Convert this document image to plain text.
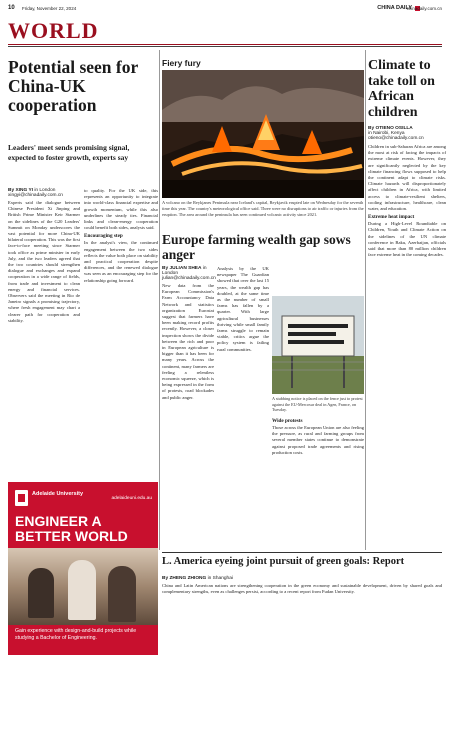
10 Friday, November 22, 2024	CHINA DAILY
chinadaily.com.cn
WORLD
Potential seen for China-UK cooperation
Leaders' meet sends promising signal, expected to foster growth, experts say
By XING YI in London
xingyi@chinadaily.com.cn
Experts said the dialogue between Chinese President Xi Jinping and British Prime Minister Keir Starmer on the sidelines of the G20 Leaders' Summit on Monday underscores the vast potential for more China-UK bilateral cooperation. This was the first face-to-face meeting since Starmer took office as prime minister in early July, and the two leaders agreed that the two countries should strengthen dialogue and exchanges and expand cooperation in a wide range of fields, from trade and investment to clean energy and financial services. Observers said the meeting in Rio de Janeiro signals a promising trajectory, where fresh engagement may chart a clearer path for cooperation and stability.
to quality. For the UK side, this represents an opportunity to integrate into world-class financial expertise and growth momentum, while this also underlines the steady ties. Financial links and clean-energy cooperation could benefit both sides, analysts said.
Encouraging step
In the analyst's view, the continued engagement between the two sides reflects the value both place on stability and practical cooperation despite differences, and the renewed dialogue was seen as an encouraging step for the relationship going forward.
Adelaide University
adelaideuni.edu.au
ENGINEER A BETTER WORLD
Gain experience with design-and-build projects while studying a Bachelor of Engineering.
Fiery fury
A volcano on the Reykjanes Peninsula near Iceland's capital, Reykjavik erupted late on Wednesday for the seventh time this year. The country's meteorological office said. Three were no disruptions to air traffic or injuries from the eruption. The area around the peninsula has seen continued volcanic activity since 2021.
Europe farming wealth gap sows anger
By JULIAN SHEA in London
julian@chinadaily.com.cn
New data from the European Commission's Farm Accountancy Data Network and statistics organization Eurostat suggest that farmers have been making record profits recently. However, a closer inspection shows the divide between the rich and poor in European agriculture is bigger than it has been for many years. Across the continent, many farmers are feeling a relentless economic squeeze, which is being expressed in the form of protests, road blockades and public anger.
Analysis by the UK newspaper The Guardian showed that over the last 15 years, the wealth gap has doubled, at the same time as the number of small farms has fallen by a quarter. With large agricultural businesses thriving while small family farms struggle to remain viable, critics argue the policy system is failing rural communities.
A stubbing notice is placed on the fence just to protest against the EU-Mercosur deal in Agen, France, on Tuesday.
Wide protests
Those across the European Union are also feeling the pressure, as rural and farming groups from several member states continue to demonstrate against proposed trade agreements and rising production costs.
Climate to take toll on African children
By OTIENO OSILLA
in Nairobi, Kenya
otieno@chinadaily.com.cn
Children in sub-Saharan Africa are among the most at risk of facing the impacts of extreme climate events. However, they are significantly neglected by the key climate financing flows supposed to help the continent adapt to climate risks. Climate hazards will disproportionately affect children in Africa, with limited access to climate-resilient shelters, cooling infrastructure, healthcare, clean water, and education.
Extreme heat impact
During a High-Level Roundtable on Children, Youth and Climate Action on the sidelines of the UN climate conference in Baku, Azerbaijan, officials said that more than 80 million children face extreme heat in the coming decades.
L. America eyeing joint pursuit of green goals: Report
By ZHENG ZHIONG in Shanghai
China and Latin American nations are strengthening cooperation in the green economy and sustainable development, driven by shared goals and complementary strengths, even as challenges persist, according to a recent report from Fudan University.
